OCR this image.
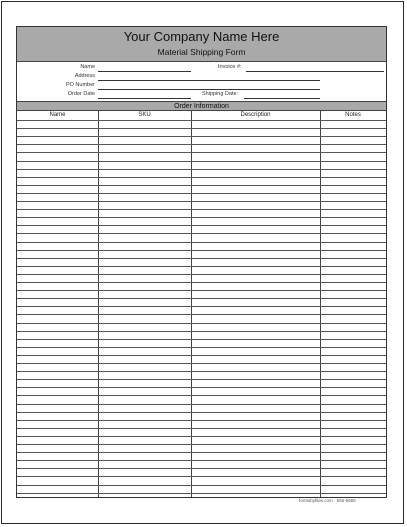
Your Company Name Here
Material Shipping Form
Name	Invoice #:
Address
PO Number
Order Date	Shipping Date:
Order Information
Name	SKU	Description	Notes
formsbyfiles.com · 555-5555
